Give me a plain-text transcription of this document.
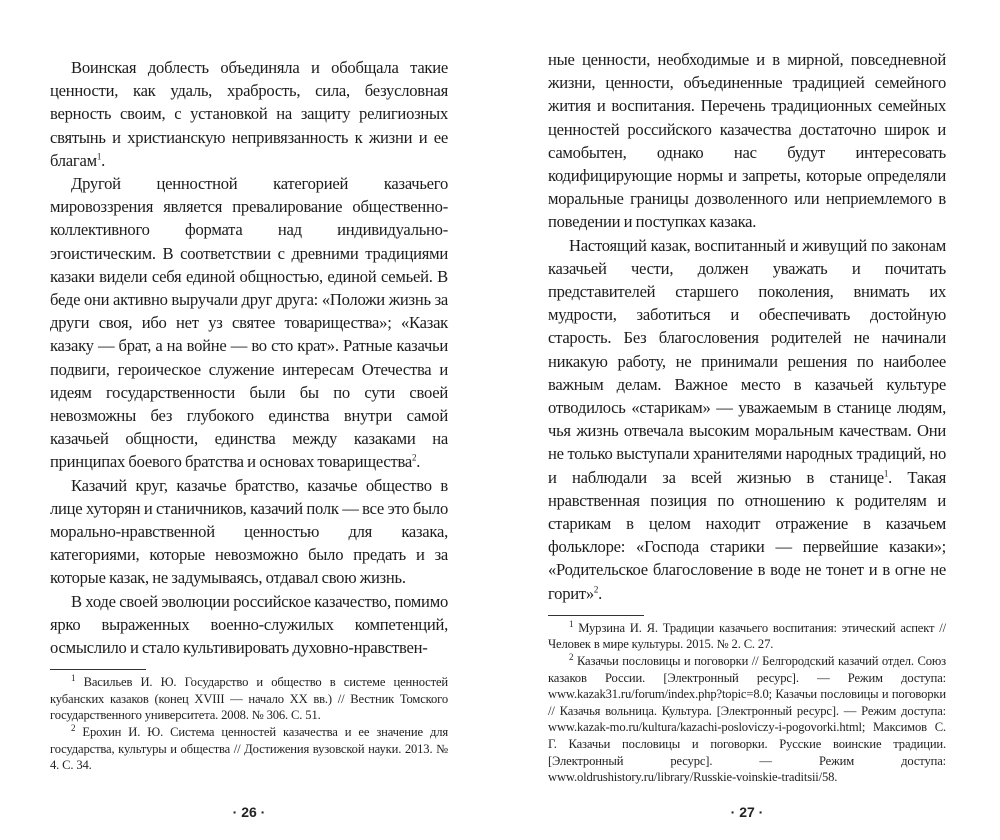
Воинская доблесть объединяла и обобщала такие ценности, как удаль, храбрость, сила, безусловная верность своим, с установкой на защиту религиозных святынь и христианскую непривязанность к жизни и ее благам$^1$.

Другой ценностной категорией казачьего мировоззрения является превалирование общественно-коллективного формата над индивидуально-эгоистическим. В соответствии с древними традициями казаки видели себя единой общностью, единой семьей. В беде они активно выручали друг друга: «Положи жизнь за други своя, ибо нет уз святее товарищества»; «Казак казаку — брат, а на войне — во сто крат». Ратные казачьи подвиги, героическое служение интересам Отечества и идеям государственности были бы по сути своей невозможны без глубокого единства внутри самой казачьей общности, единства между казаками на принципах боевого братства и основах товарищества$^2$.

Казачий круг, казачье братство, казачье общество в лице хуторян и станичников, казачий полк — все это было морально-нравственной ценностью для казака, категориями, которые невозможно было предать и за которые казак, не задумываясь, отдавал свою жизнь.

В ходе своей эволюции российское казачество, помимо ярко выраженных военно-служилых компетенций, осмыслило и стало культивировать духовно-нравствен-

$^1$ Васильев И. Ю. Государство и общество в системе ценностей кубанских казаков (конец XVIII — начало XX вв.) // Вестник Томского государственного университета. 2008. № 306. С. 51.

$^2$ Ерохин И. Ю. Система ценностей казачества и ее значение для государства, культуры и общества // Достижения вузовской науки. 2013. № 4. С. 34.

· 26 ·

ные ценности, необходимые и в мирной, повседневной жизни, ценности, объединенные традицией семейного жития и воспитания. Перечень традиционных семейных ценностей российского казачества достаточно широк и самобытен, однако нас будут интересовать кодифицирующие нормы и запреты, которые определяли моральные границы дозволенного или неприемлемого в поведении и поступках казака.

Настоящий казак, воспитанный и живущий по законам казачьей чести, должен уважать и почитать представителей старшего поколения, внимать их мудрости, заботиться и обеспечивать достойную старость. Без благословения родителей не начинали никакую работу, не принимали решения по наиболее важным делам. Важное место в казачьей культуре отводилось «старикам» — уважаемым в станице людям, чья жизнь отвечала высоким моральным качествам. Они не только выступали хранителями народных традиций, но и наблюдали за всей жизнью в станице$^1$. Такая нравственная позиция по отношению к родителям и старикам в целом находит отражение в казачьем фольклоре: «Господа старики — первейшие казаки»; «Родительское благословение в воде не тонет и в огне не горит»$^2$.

$^1$ Мурзина И. Я. Традиции казачьего воспитания: этический аспект // Человек в мире культуры. 2015. № 2. С. 27.

$^2$ Казачьи пословицы и поговорки // Белгородский казачий отдел. Союз казаков России. [Электронный ресурс]. — Режим доступа: www.kazak31.ru/forum/index.php?topic=8.0; Казачьи пословицы и поговорки // Казачья вольница. Культура. [Электронный ресурс]. — Режим доступа: www.kazak-mo.ru/kultura/kazachi-posloviczy-i-pogovorki.html; Максимов С. Г. Казачьи пословицы и поговорки. Русские воинские традиции. [Электронный ресурс]. — Режим доступа: www.oldrushistory.ru/library/Russkie-voinskie-traditsii/58.

· 27 ·
